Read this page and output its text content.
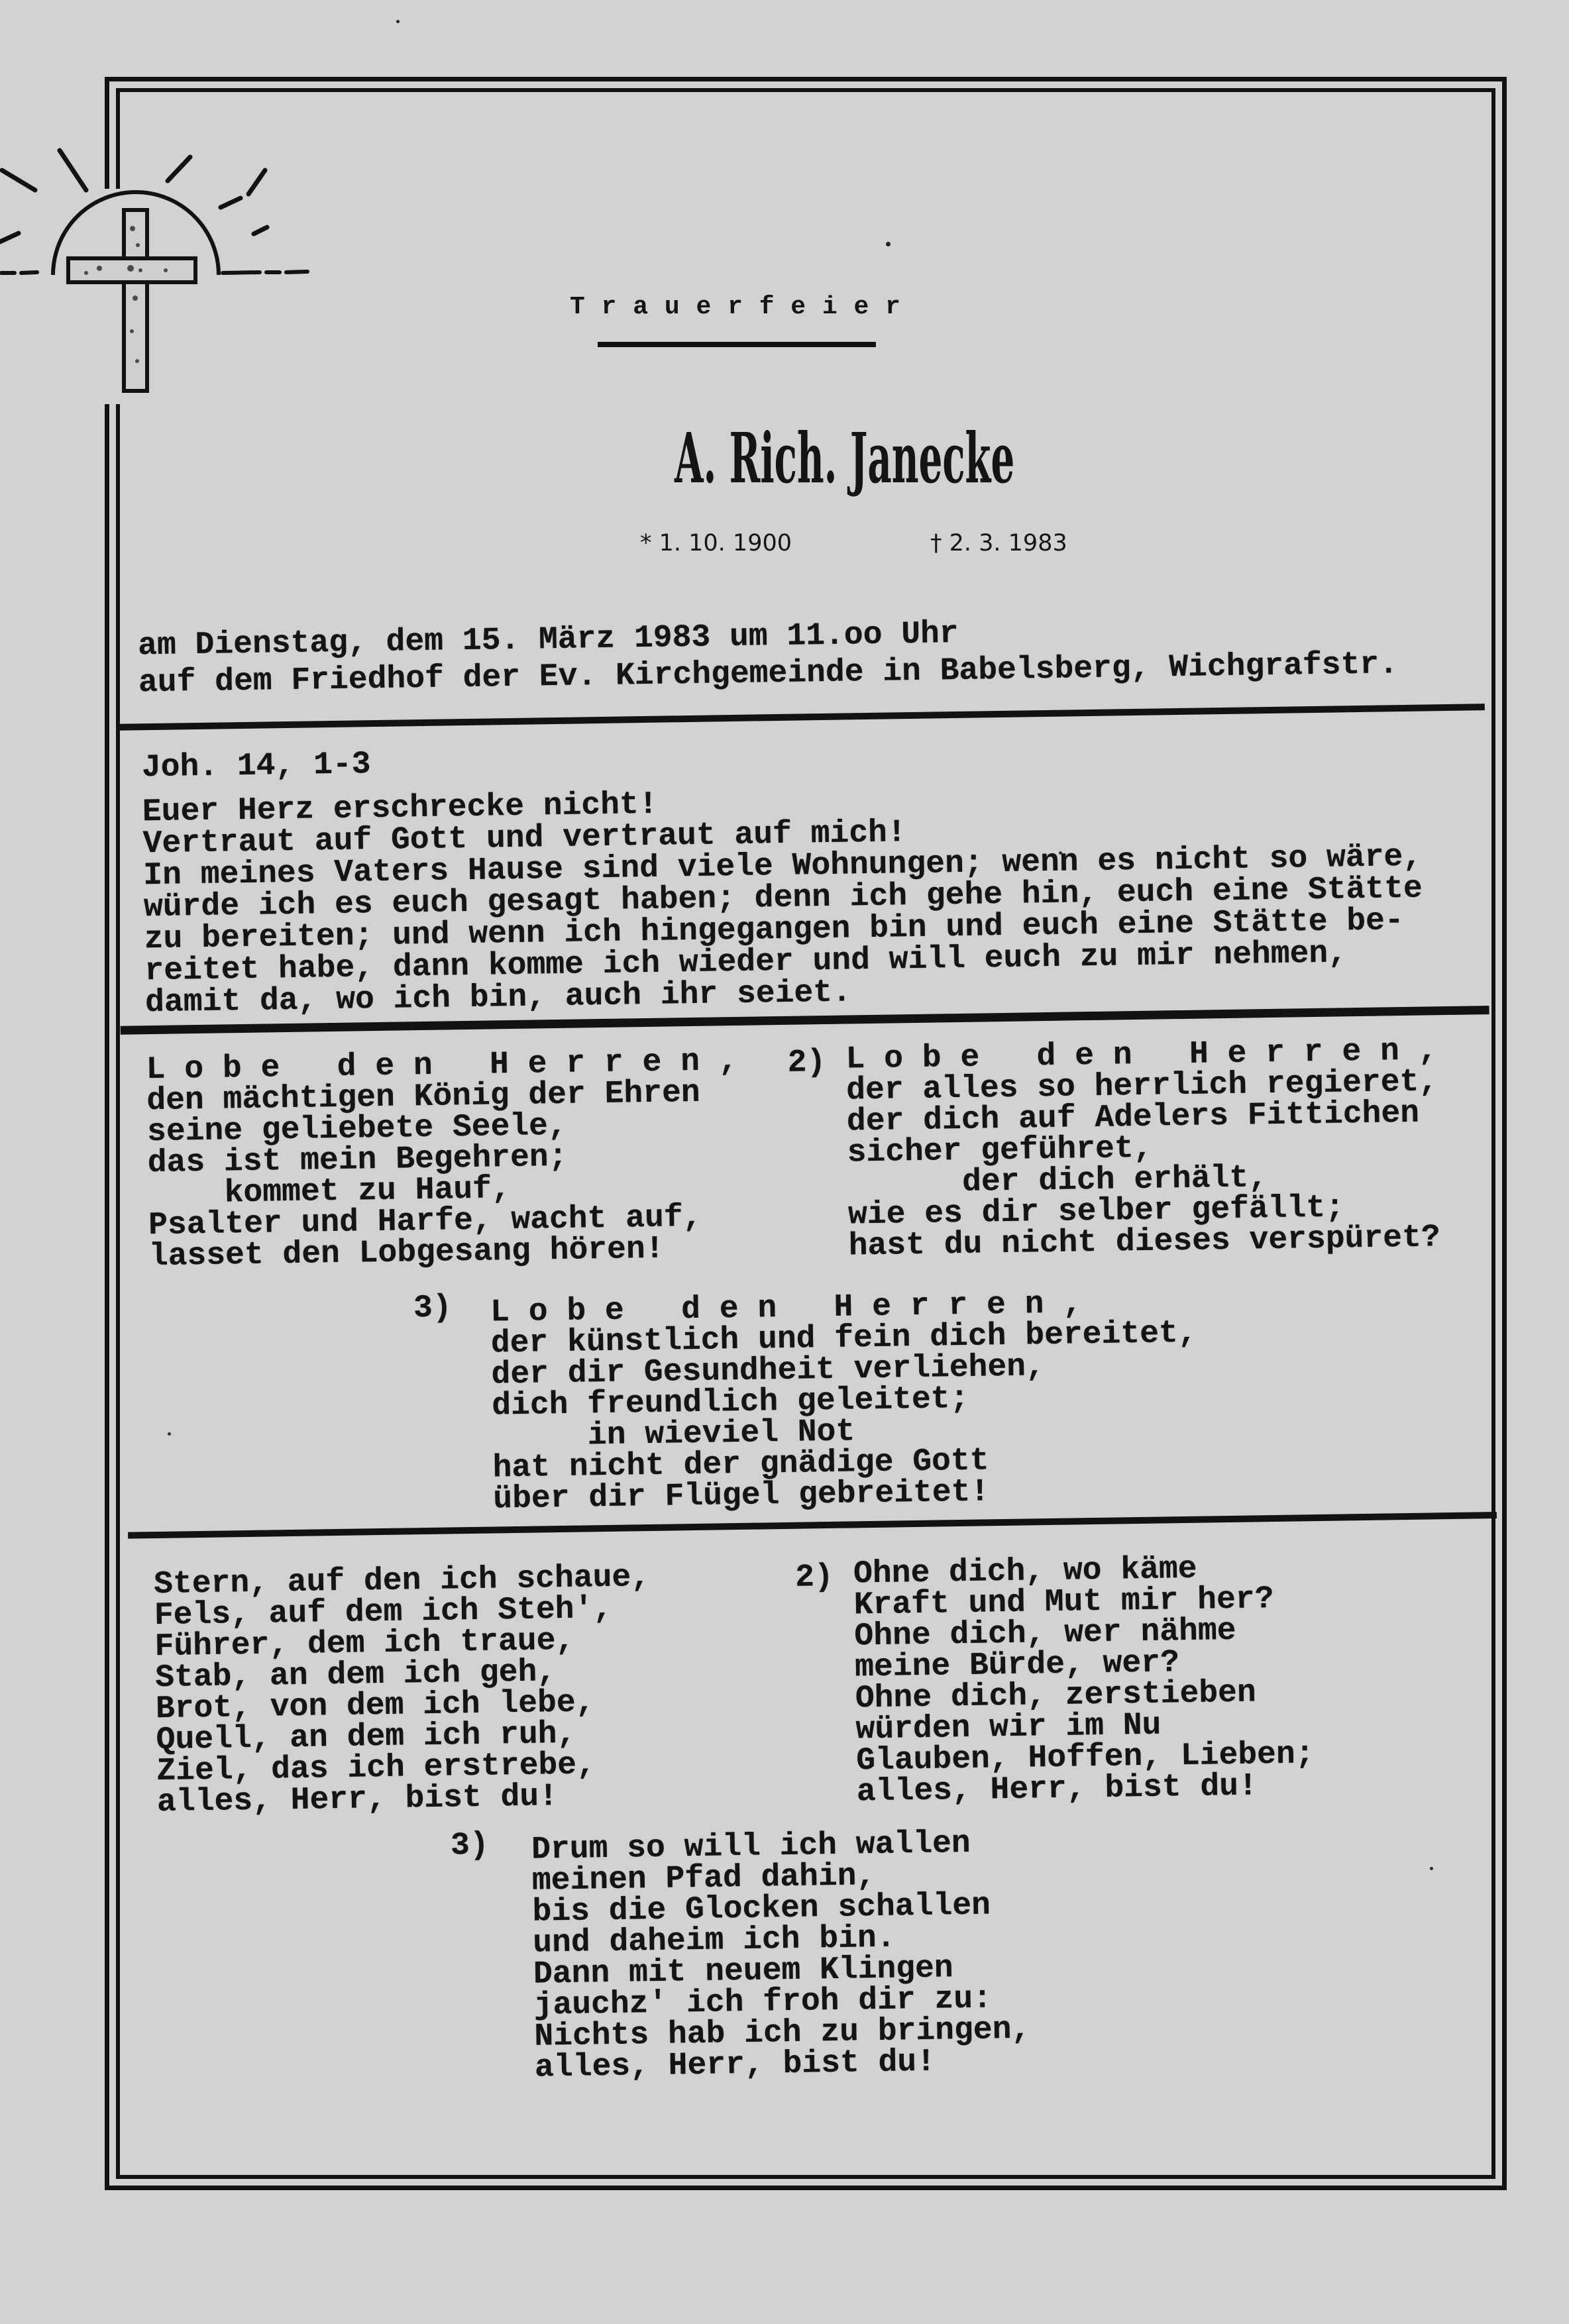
T r a u e r f e i e r
A. Rich. Janecke
* 1. 10. 1900	† 2. 3. 1983
am Dienstag, dem 15. März 1983 um 11.oo Uhr
auf dem Friedhof der Ev. Kirchgemeinde in Babelsberg, Wichgrafstr.
Joh. 14, 1-3
Euer Herz erschrecke nicht!
Vertraut auf Gott und vertraut auf mich!
In meines Vaters Hause sind viele Wohnungen; wenn es nicht so wäre,
würde ich es euch gesagt haben; denn ich gehe hin, euch eine Stätte
zu bereiten; und wenn ich hingegangen bin und euch eine Stätte be-
reitet habe, dann komme ich wieder und will euch zu mir nehmen,
damit da, wo ich bin, auch ihr seiet.
L o b e   d e n   H e r r e n ,
den mächtigen König der Ehren
seine geliebete Seele,
das ist mein Begehren;
kommet zu Hauf,
Psalter und Harfe, wacht auf,
lasset den Lobgesang hören!
2) L o b e   d e n   H e r r e n ,
der alles so herrlich regieret,
der dich auf Adelers Fittichen
sicher geführet,
der dich erhält,
wie es dir selber gefällt;
hast du nicht dieses verspüret?
3) L o b e   d e n   H e r r e n ,
der künstlich und fein dich bereitet,
der dir Gesundheit verliehen,
dich freundlich geleitet;
in wieviel Not
hat nicht der gnädige Gott
über dir Flügel gebreitet!
Stern, auf den ich schaue,
Fels, auf dem ich Steh',
Führer, dem ich traue,
Stab, an dem ich geh,
Brot, von dem ich lebe,
Quell, an dem ich ruh,
Ziel, das ich erstrebe,
alles, Herr, bist du!
2) Ohne dich, wo käme
Kraft und Mut mir her?
Ohne dich, wer nähme
meine Bürde, wer?
Ohne dich, zerstieben
würden wir im Nu
Glauben, Hoffen, Lieben;
alles, Herr, bist du!
3) Drum so will ich wallen
meinen Pfad dahin,
bis die Glocken schallen
und daheim ich bin.
Dann mit neuem Klingen
jauchz' ich froh dir zu:
Nichts hab ich zu bringen,
alles, Herr, bist du!
